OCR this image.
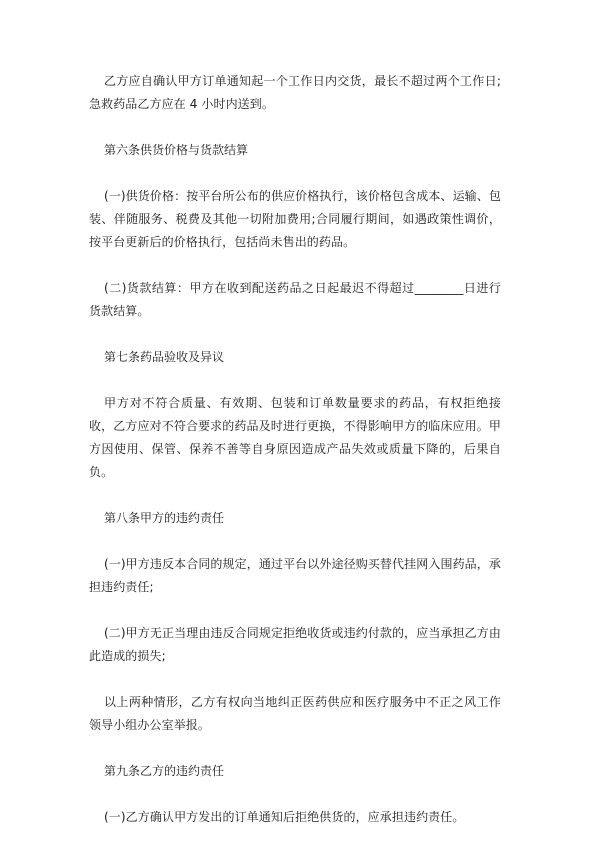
乙方应自确认甲方订单通知起一个工作日内交货，最长不超过两个工作日;急救药品乙方应在 4 小时内送到。

第六条供货价格与货款结算

(一)供货价格：按平台所公布的供应价格执行，该价格包含成本、运输、包装、伴随服务、税费及其他一切附加费用;合同履行期间，如遇政策性调价，按平台更新后的价格执行，包括尚未售出的药品。

(二)货款结算：甲方在收到配送药品之日起最迟不得超过________日进行货款结算。

第七条药品验收及异议

甲方对不符合质量、有效期、包装和订单数量要求的药品，有权拒绝接收，乙方应对不符合要求的药品及时进行更换，不得影响甲方的临床应用。甲方因使用、保管、保养不善等自身原因造成产品失效或质量下降的，后果自负。

第八条甲方的违约责任

(一)甲方违反本合同的规定，通过平台以外途径购买替代挂网入围药品，承担违约责任;

(二)甲方无正当理由违反合同规定拒绝收货或违约付款的，应当承担乙方由此造成的损失;

以上两种情形，乙方有权向当地纠正医药供应和医疗服务中不正之风工作领导小组办公室举报。

第九条乙方的违约责任

(一)乙方确认甲方发出的订单通知后拒绝供货的，应承担违约责任。
